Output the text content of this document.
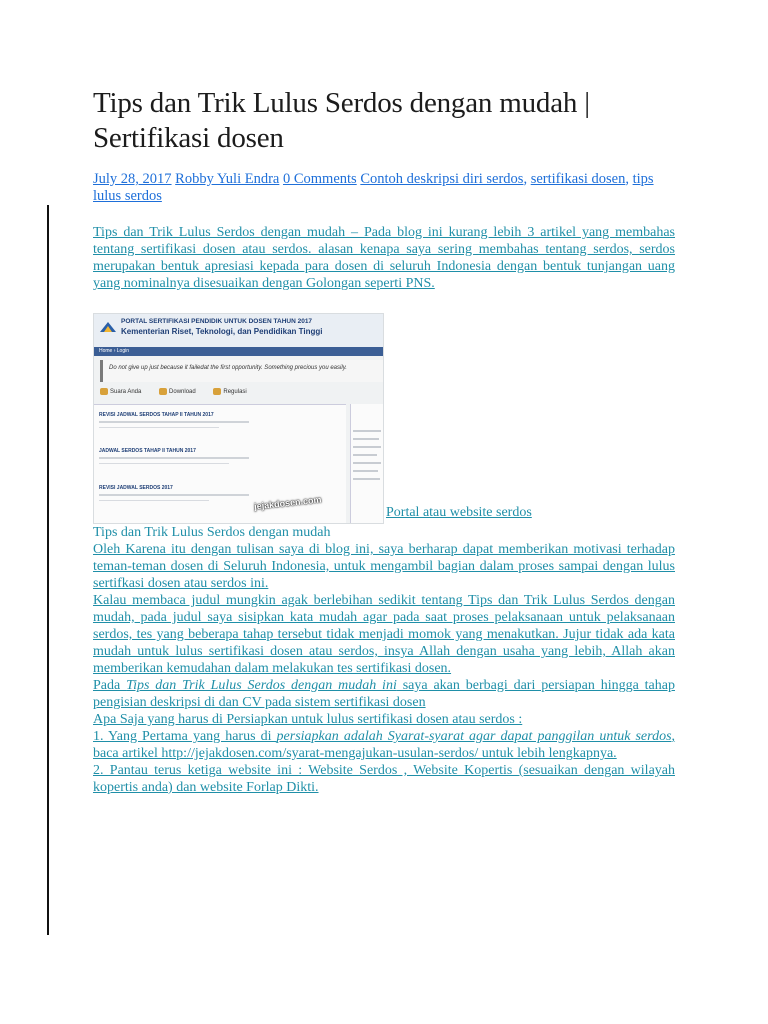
Tips dan Trik Lulus Serdos dengan mudah | Sertifikasi dosen
July 28, 2017 Robby Yuli Endra 0 Comments Contoh deskripsi diri serdos, sertifikasi dosen, tips lulus serdos

Tips dan Trik Lulus Serdos dengan mudah – Pada blog ini kurang lebih 3 artikel yang membahas tentang sertifikasi dosen atau serdos. alasan kenapa saya sering membahas tentang serdos, serdos merupakan bentuk apresiasi kepada para dosen di seluruh Indonesia dengan bentuk tunjangan uang yang nominalnya disesuaikan dengan Golongan seperti PNS.

PORTAL SERTIFIKASI PENDIDIK UNTUK DOSEN TAHUN 2017
Kementerian Riset, Teknologi, dan Pendidikan Tinggi
Home › Login
Do not give up just because it failedat the first opportunity. Something precious you easily.
Suara Anda	Download	Regulasi
REVISI JADWAL SERDOS TAHAP II TAHUN 2017
JADWAL SERDOS TAHAP II TAHUN 2017
REVISI JADWAL SERDOS 2017
jejakdosen.com
Portal atau website serdos

Tips dan Trik Lulus Serdos dengan mudah

Oleh Karena itu dengan tulisan saya di blog ini, saya berharap dapat memberikan motivasi terhadap teman-teman dosen di Seluruh Indonesia, untuk mengambil bagian dalam proses sampai dengan lulus sertifkasi dosen atau serdos ini.

Kalau membaca judul mungkin agak berlebihan sedikit tentang Tips dan Trik Lulus Serdos dengan mudah, pada judul saya sisipkan kata mudah agar pada saat proses pelaksanaan untuk pelaksanaan serdos, tes yang beberapa tahap tersebut tidak menjadi momok yang menakutkan. Jujur tidak ada kata mudah untuk lulus sertifikasi dosen atau serdos, insya Allah dengan usaha yang lebih, Allah akan memberikan kemudahan dalam melakukan tes sertifikasi dosen.

Pada Tips dan Trik Lulus Serdos dengan mudah ini saya akan berbagi dari persiapan hingga tahap pengisian deskripsi di dan CV pada sistem sertifikasi dosen

Apa Saja yang harus di Persiapkan untuk lulus sertifikasi dosen atau serdos :

1. Yang Pertama yang harus di persiapkan adalah Syarat-syarat agar dapat panggilan untuk serdos, baca artikel http://jejakdosen.com/syarat-mengajukan-usulan-serdos/ untuk lebih lengkapnya.

2. Pantau terus ketiga website ini : Website Serdos , Website Kopertis (sesuaikan dengan wilayah kopertis anda) dan website Forlap Dikti.
